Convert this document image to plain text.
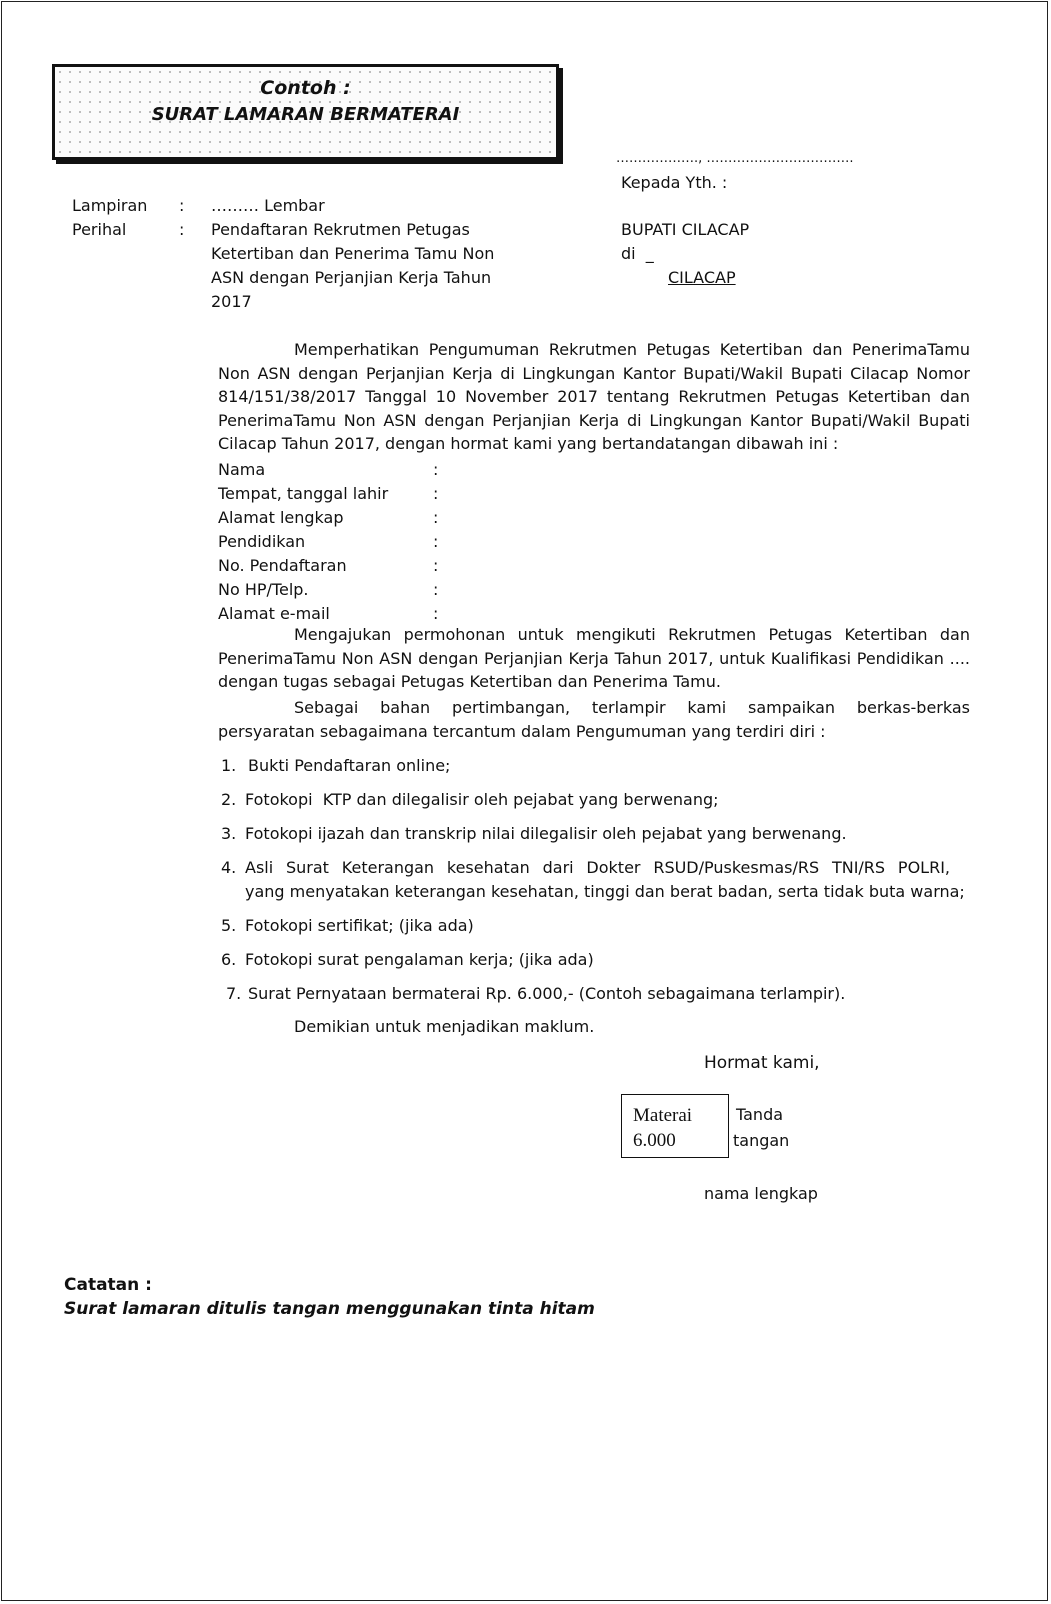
Contoh :
SURAT LAMARAN BERMATERAI
………………., …………………………….
Kepada Yth. :
BUPATI CILACAP
di  _
CILACAP
Lampiran : ……… Lembar
Perihal	: Pendaftaran Rekrutmen Petugas
Ketertiban dan Penerima Tamu Non
ASN dengan Perjanjian Kerja Tahun
2017
Memperhatikan Pengumuman Rekrutmen Petugas Ketertiban dan PenerimaTamu Non ASN dengan Perjanjian Kerja di Lingkungan Kantor Bupati/Wakil Bupati Cilacap Nomor 814/151/38/2017 Tanggal 10 November 2017 tentang Rekrutmen Petugas Ketertiban dan PenerimaTamu Non ASN dengan Perjanjian Kerja di Lingkungan Kantor Bupati/Wakil Bupati Cilacap Tahun 2017, dengan hormat kami yang bertandatangan dibawah ini :
Nama	:
Tempat, tanggal lahir	:
Alamat lengkap	:
Pendidikan	:
No. Pendaftaran	:
No HP/Telp.	:
Alamat e-mail	:
Mengajukan permohonan untuk mengikuti Rekrutmen Petugas Ketertiban dan PenerimaTamu Non ASN dengan Perjanjian Kerja Tahun 2017, untuk Kualifikasi Pendidikan .... dengan tugas sebagai Petugas Ketertiban dan Penerima Tamu.
Sebagai bahan pertimbangan, terlampir kami sampaikan berkas-berkas persyaratan sebagaimana tercantum dalam Pengumuman yang terdiri diri :
1. Bukti Pendaftaran online;
2. Fotokopi  KTP dan dilegalisir oleh pejabat yang berwenang;
3. Fotokopi ijazah dan transkrip nilai dilegalisir oleh pejabat yang berwenang.
4. Asli Surat Keterangan kesehatan dari Dokter RSUD/Puskesmas/RS TNI/RS POLRI,
yang menyatakan keterangan kesehatan, tinggi dan berat badan, serta tidak buta warna;
5. Fotokopi sertifikat; (jika ada)
6. Fotokopi surat pengalaman kerja; (jika ada)
7. Surat Pernyataan bermaterai Rp. 6.000,- (Contoh sebagaimana terlampir).
Demikian untuk menjadikan maklum.
Hormat kami,
Materai
6.000
Tanda
tangan
nama lengkap
Catatan :
Surat lamaran ditulis tangan menggunakan tinta hitam
